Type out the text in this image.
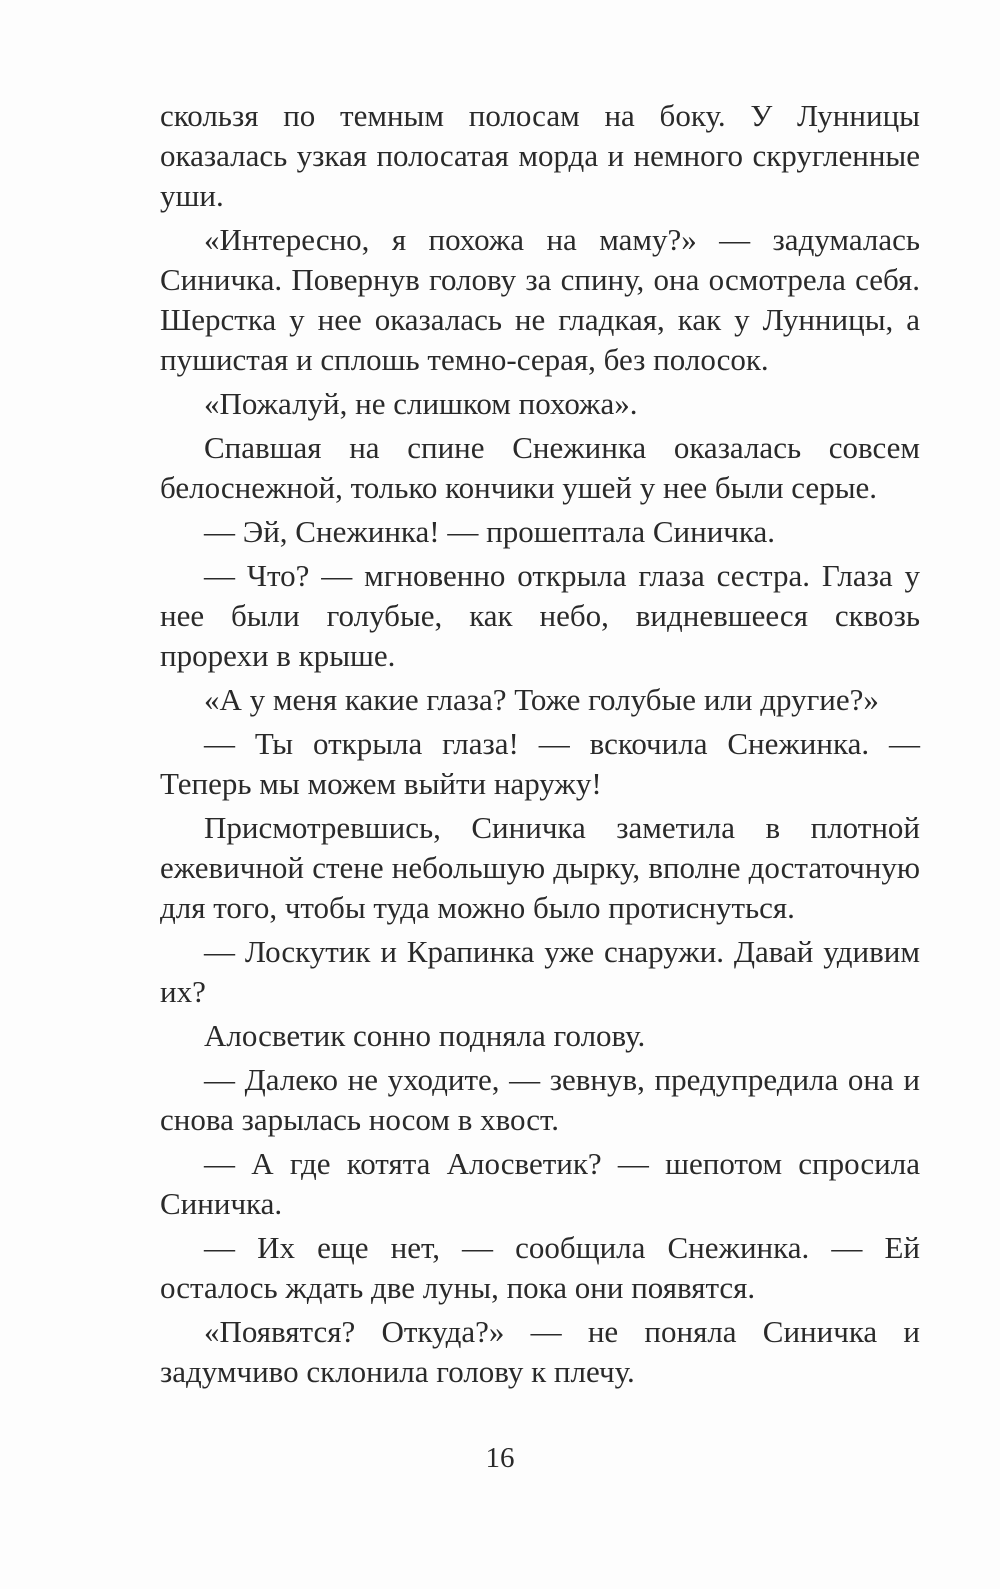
скользя по темным полосам на боку. У Лунницы оказалась узкая полосатая морда и немного скругленные уши.

«Интересно, я похожа на маму?» — задумалась Синичка. Повернув голову за спину, она осмотрела себя. Шерстка у нее оказалась не гладкая, как у Лунницы, а пушистая и сплошь темно-серая, без полосок.

«Пожалуй, не слишком похожа».

Спавшая на спине Снежинка оказалась совсем белоснежной, только кончики ушей у нее были серые.

— Эй, Снежинка! — прошептала Синичка.

— Что? — мгновенно открыла глаза сестра. Глаза у нее были голубые, как небо, видневшееся сквозь прорехи в крыше.

«А у меня какие глаза? Тоже голубые или другие?»

— Ты открыла глаза! — вскочила Снежинка. — Теперь мы можем выйти наружу!

Присмотревшись, Синичка заметила в плотной ежевичной стене небольшую дырку, вполне достаточную для того, чтобы туда можно было протиснуться.

— Лоскутик и Крапинка уже снаружи. Давай удивим их?

Алосветик сонно подняла голову.

— Далеко не уходите, — зевнув, предупредила она и снова зарылась носом в хвост.

— А где котята Алосветик? — шепотом спросила Синичка.

— Их еще нет, — сообщила Снежинка. — Ей осталось ждать две луны, пока они появятся.

«Появятся? Откуда?» — не поняла Синичка и задумчиво склонила голову к плечу.

16
